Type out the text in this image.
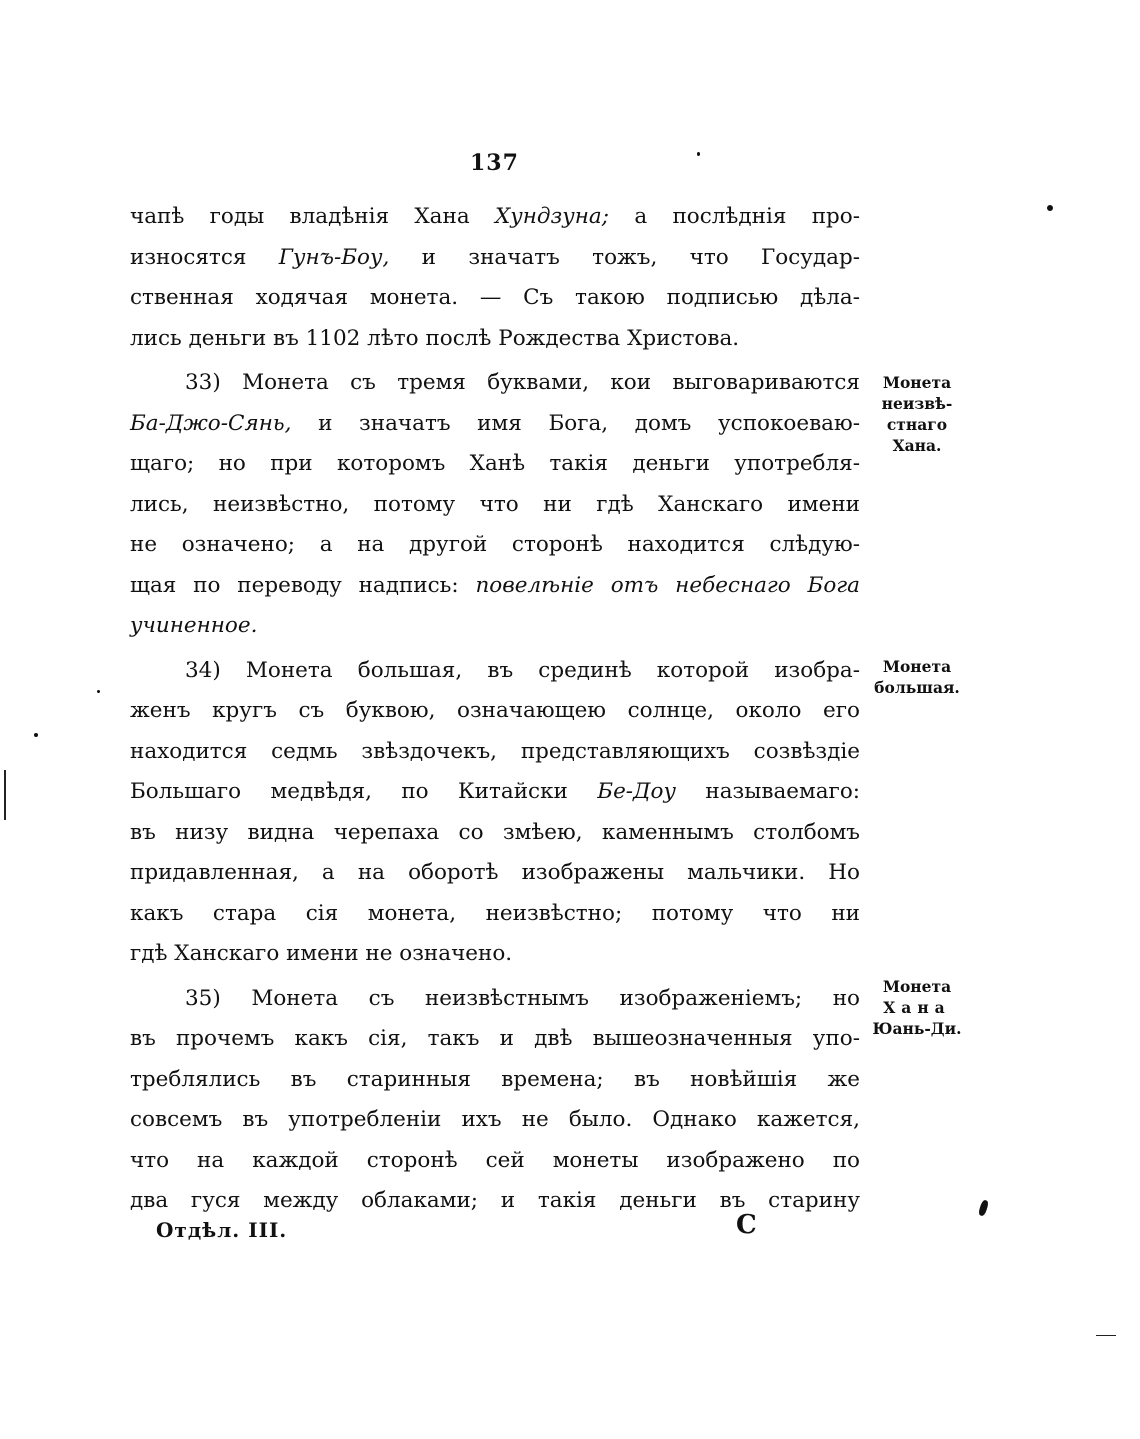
137
чапѣ годы владѣнія Хана Хундзуна; а послѣднія про-
износятся Гунъ-Боу, и значатъ тожъ, что Государ-
ственная ходячая монета. — Съ такою подписью дѣла-
лись деньги въ 1102 лѣто послѣ Рождества Христова.
33) Монета съ тремя буквами, кои выговариваются
Ба-Джо-Сянь, и значатъ имя Бога, домъ успокоеваю-
щаго; но при которомъ Ханѣ такія деньги употребля-
лись, неизвѣстно, потому что ни гдѣ Ханскаго имени
не означено; а на другой сторонѣ находится слѣдую-
щая по переводу надпись: повелѣніе отъ небеснаго Бога
учиненное.
34) Монета большая, въ срединѣ которой изобра-
женъ кругъ съ буквою, означающею солнце, около его
находится седмь звѣздочекъ, представляющихъ созвѣздіе
Большаго медвѣдя, по Китайски Бе-Доу называемаго:
въ низу видна черепаха со змѣею, каменнымъ столбомъ
придавленная, а на оборотѣ изображены мальчики. Но
какъ стара сія монета, неизвѣстно; потому что ни
гдѣ Ханскаго имени не означено.
35) Монета съ неизвѣстнымъ изображеніемъ; но
въ прочемъ какъ сія, такъ и двѣ вышеозначенныя упо-
треблялись въ старинныя времена; въ новѣйшія же
совсемъ въ употребленіи ихъ не было. Однако кажется,
что на каждой сторонѣ сей монеты изображено по
два гуся между облаками; и такія деньги въ старину
Монета
неизвѣ-
стнаго
Хана.
Монета
большая.
Монета
Хана
Юань-Ди.
Отдѣл. III.	С
